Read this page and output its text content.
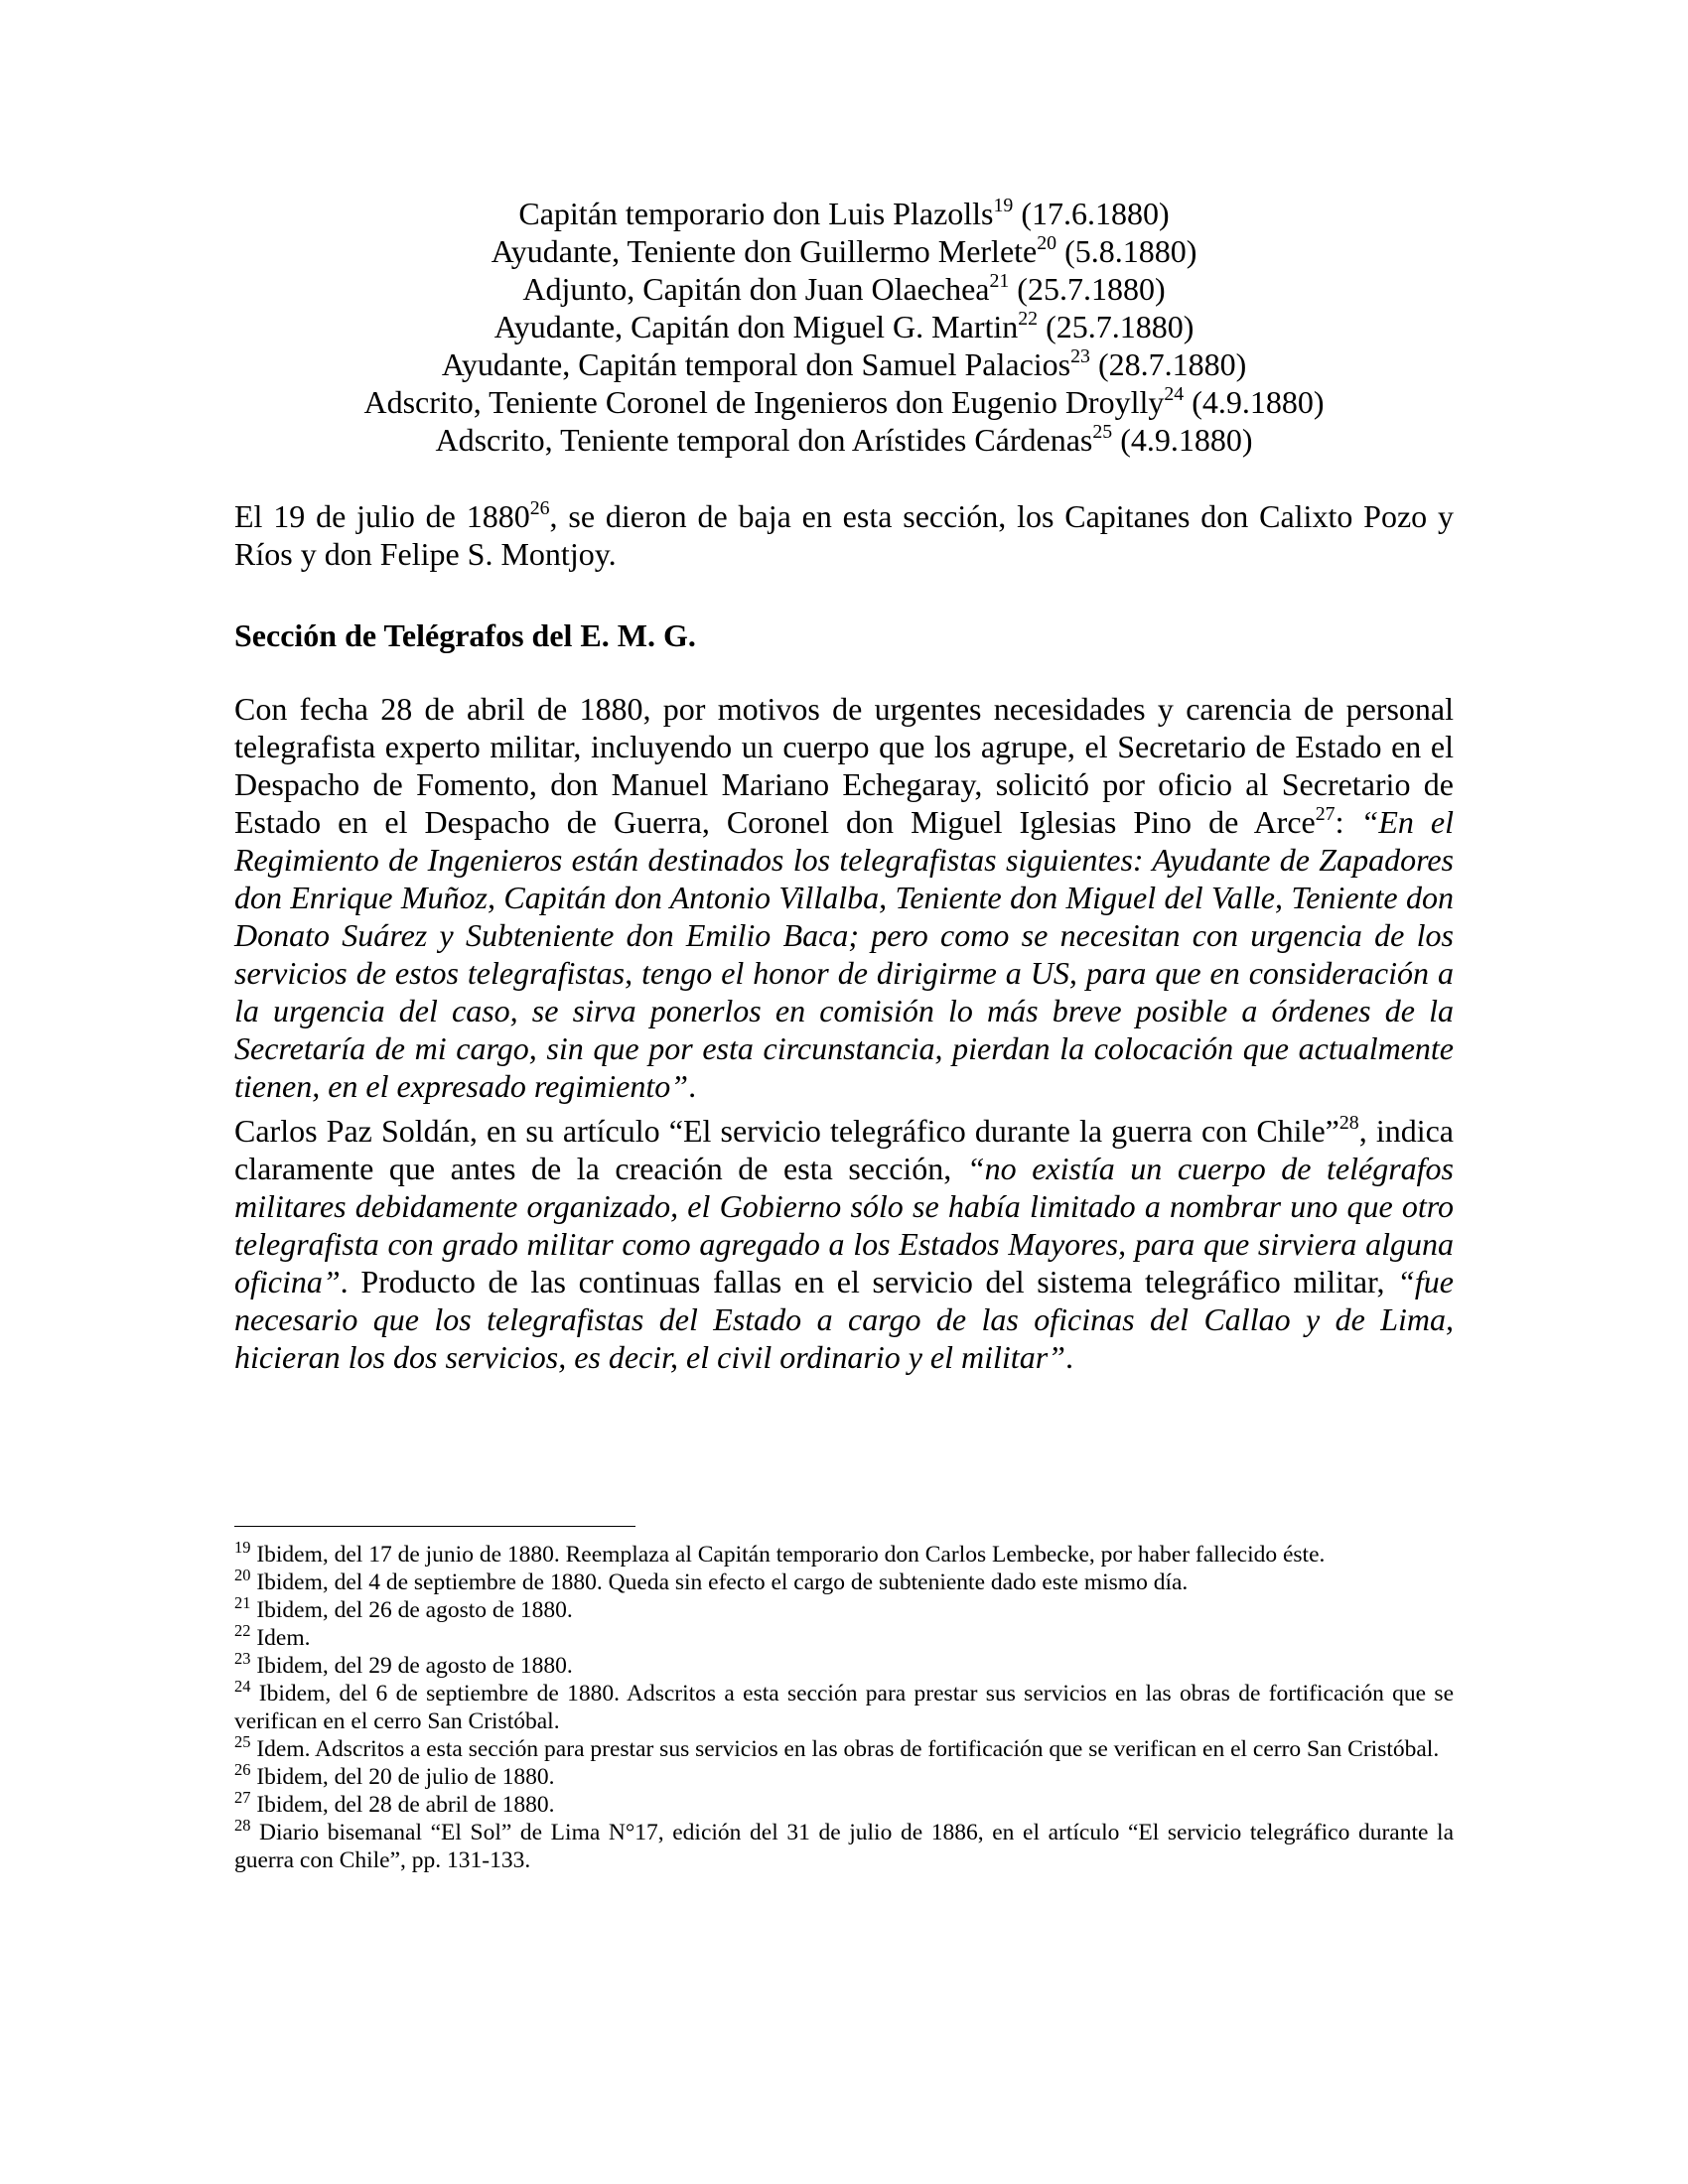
Capitán temporario don Luis Plazolls$^{19}$ (17.6.1880)
Ayudante, Teniente don Guillermo Merlete$^{20}$ (5.8.1880)
Adjunto, Capitán don Juan Olaechea$^{21}$ (25.7.1880)
Ayudante, Capitán don Miguel G. Martin$^{22}$ (25.7.1880)
Ayudante, Capitán temporal don Samuel Palacios$^{23}$ (28.7.1880)
Adscrito, Teniente Coronel de Ingenieros don Eugenio Droylly$^{24}$ (4.9.1880)
Adscrito, Teniente temporal don Arístides Cárdenas$^{25}$ (4.9.1880)

El 19 de julio de 1880$^{26}$, se dieron de baja en esta sección, los Capitanes don Calixto Pozo y Ríos y don Felipe S. Montjoy.

Sección de Telégrafos del E. M. G.

Con fecha 28 de abril de 1880, por motivos de urgentes necesidades y carencia de personal telegrafista experto militar, incluyendo un cuerpo que los agrupe, el Secretario de Estado en el Despacho de Fomento, don Manuel Mariano Echegaray, solicitó por oficio al Secretario de Estado en el Despacho de Guerra, Coronel don Miguel Iglesias Pino de Arce$^{27}$: “En el Regimiento de Ingenieros están destinados los telegrafistas siguientes: Ayudante de Zapadores don Enrique Muñoz, Capitán don Antonio Villalba, Teniente don Miguel del Valle, Teniente don Donato Suárez y Subteniente don Emilio Baca; pero como se necesitan con urgencia de los servicios de estos telegrafistas, tengo el honor de dirigirme a US, para que en consideración a la urgencia del caso, se sirva ponerlos en comisión lo más breve posible a órdenes de la Secretaría de mi cargo, sin que por esta circunstancia, pierdan la colocación que actualmente tienen, en el expresado regimiento”.

Carlos Paz Soldán, en su artículo “El servicio telegráfico durante la guerra con Chile”$^{28}$, indica claramente que antes de la creación de esta sección, “no existía un cuerpo de telégrafos militares debidamente organizado, el Gobierno sólo se había limitado a nombrar uno que otro telegrafista con grado militar como agregado a los Estados Mayores, para que sirviera alguna oficina”. Producto de las continuas fallas en el servicio del sistema telegráfico militar, “fue necesario que los telegrafistas del Estado a cargo de las oficinas del Callao y de Lima, hicieran los dos servicios, es decir, el civil ordinario y el militar”.

$^{19}$ Ibidem, del 17 de junio de 1880. Reemplaza al Capitán temporario don Carlos Lembecke, por haber fallecido éste.

$^{20}$ Ibidem, del 4 de septiembre de 1880. Queda sin efecto el cargo de subteniente dado este mismo día.

$^{21}$ Ibidem, del 26 de agosto de 1880.

$^{22}$ Idem.

$^{23}$ Ibidem, del 29 de agosto de 1880.

$^{24}$ Ibidem, del 6 de septiembre de 1880. Adscritos a esta sección para prestar sus servicios en las obras de fortificación que se verifican en el cerro San Cristóbal.

$^{25}$ Idem. Adscritos a esta sección para prestar sus servicios en las obras de fortificación que se verifican en el cerro San Cristóbal.

$^{26}$ Ibidem, del 20 de julio de 1880.

$^{27}$ Ibidem, del 28 de abril de 1880.

$^{28}$ Diario bisemanal “El Sol” de Lima N°17, edición del 31 de julio de 1886, en el artículo “El servicio telegráfico durante la guerra con Chile”, pp. 131-133.
